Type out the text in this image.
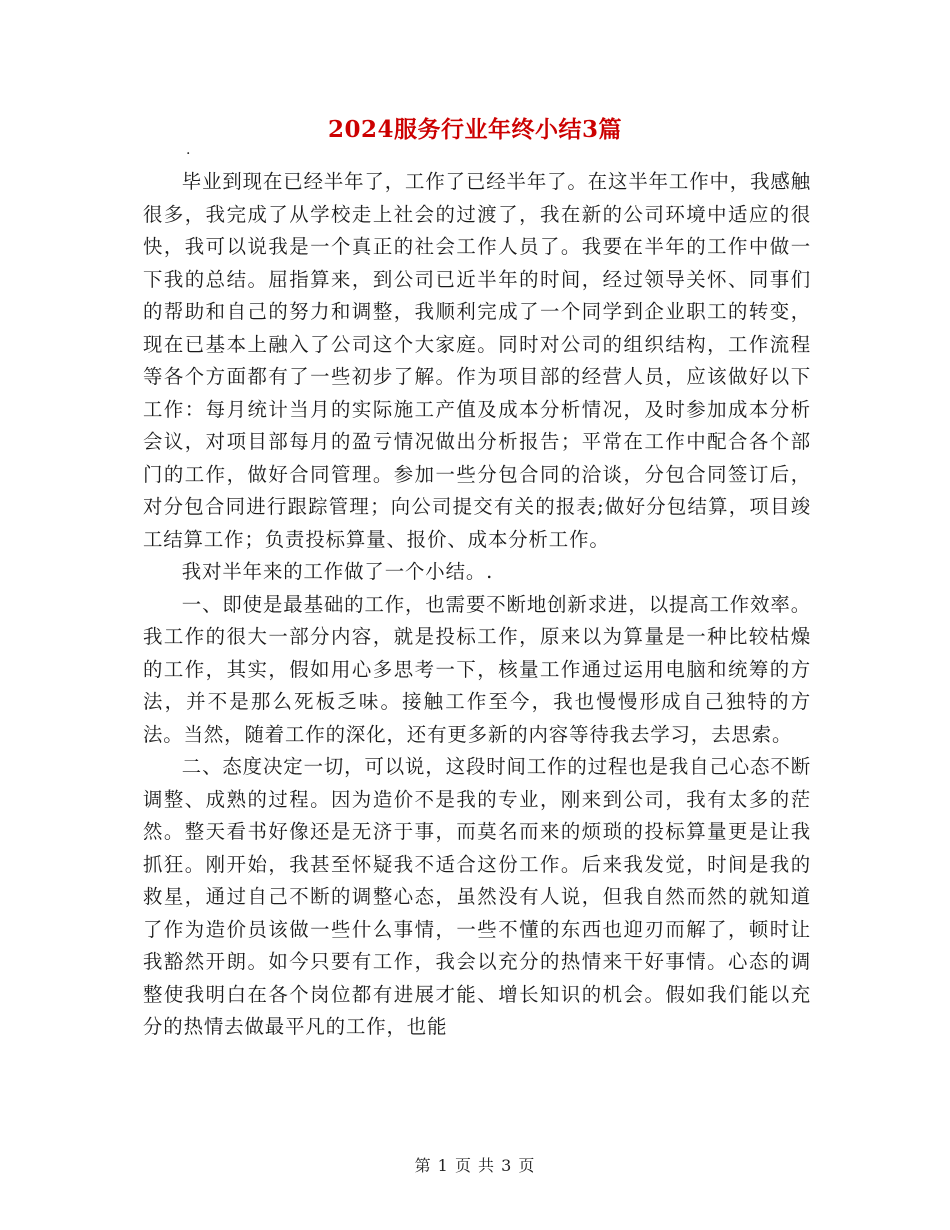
2024服务行业年终小结3篇
.

毕业到现在已经半年了，工作了已经半年了。在这半年工作中，我感触很多，我完成了从学校走上社会的过渡了，我在新的公司环境中适应的很快，我可以说我是一个真正的社会工作人员了。我要在半年的工作中做一下我的总结。屈指算来，到公司已近半年的时间，经过领导关怀、同事们的帮助和自己的努力和调整，我顺利完成了一个同学到企业职工的转变，现在已基本上融入了公司这个大家庭。同时对公司的组织结构，工作流程等各个方面都有了一些初步了解。作为项目部的经营人员，应该做好以下工作：每月统计当月的实际施工产值及成本分析情况，及时参加成本分析会议，对项目部每月的盈亏情况做出分析报告；平常在工作中配合各个部门的工作，做好合同管理。参加一些分包合同的洽谈，分包合同签订后，对分包合同进行跟踪管理；向公司提交有关的报表;做好分包结算，项目竣工结算工作；负责投标算量、报价、成本分析工作。

我对半年来的工作做了一个小结。.

一、即使是最基础的工作，也需要不断地创新求进，以提高工作效率。我工作的很大一部分内容，就是投标工作，原来以为算量是一种比较枯燥的工作，其实，假如用心多思考一下，核量工作通过运用电脑和统筹的方法，并不是那么死板乏味。接触工作至今，我也慢慢形成自己独特的方法。当然，随着工作的深化，还有更多新的内容等待我去学习，去思索。

二、态度决定一切，可以说，这段时间工作的过程也是我自己心态不断调整、成熟的过程。因为造价不是我的专业，刚来到公司，我有太多的茫然。整天看书好像还是无济于事，而莫名而来的烦琐的投标算量更是让我抓狂。刚开始，我甚至怀疑我不适合这份工作。后来我发觉，时间是我的救星，通过自己不断的调整心态，虽然没有人说，但我自然而然的就知道了作为造价员该做一些什么事情，一些不懂的东西也迎刃而解了，顿时让我豁然开朗。如今只要有工作，我会以充分的热情来干好事情。心态的调整使我明白在各个岗位都有进展才能、增长知识的机会。假如我们能以充分的热情去做最平凡的工作，也能

第 1 页 共 3 页
